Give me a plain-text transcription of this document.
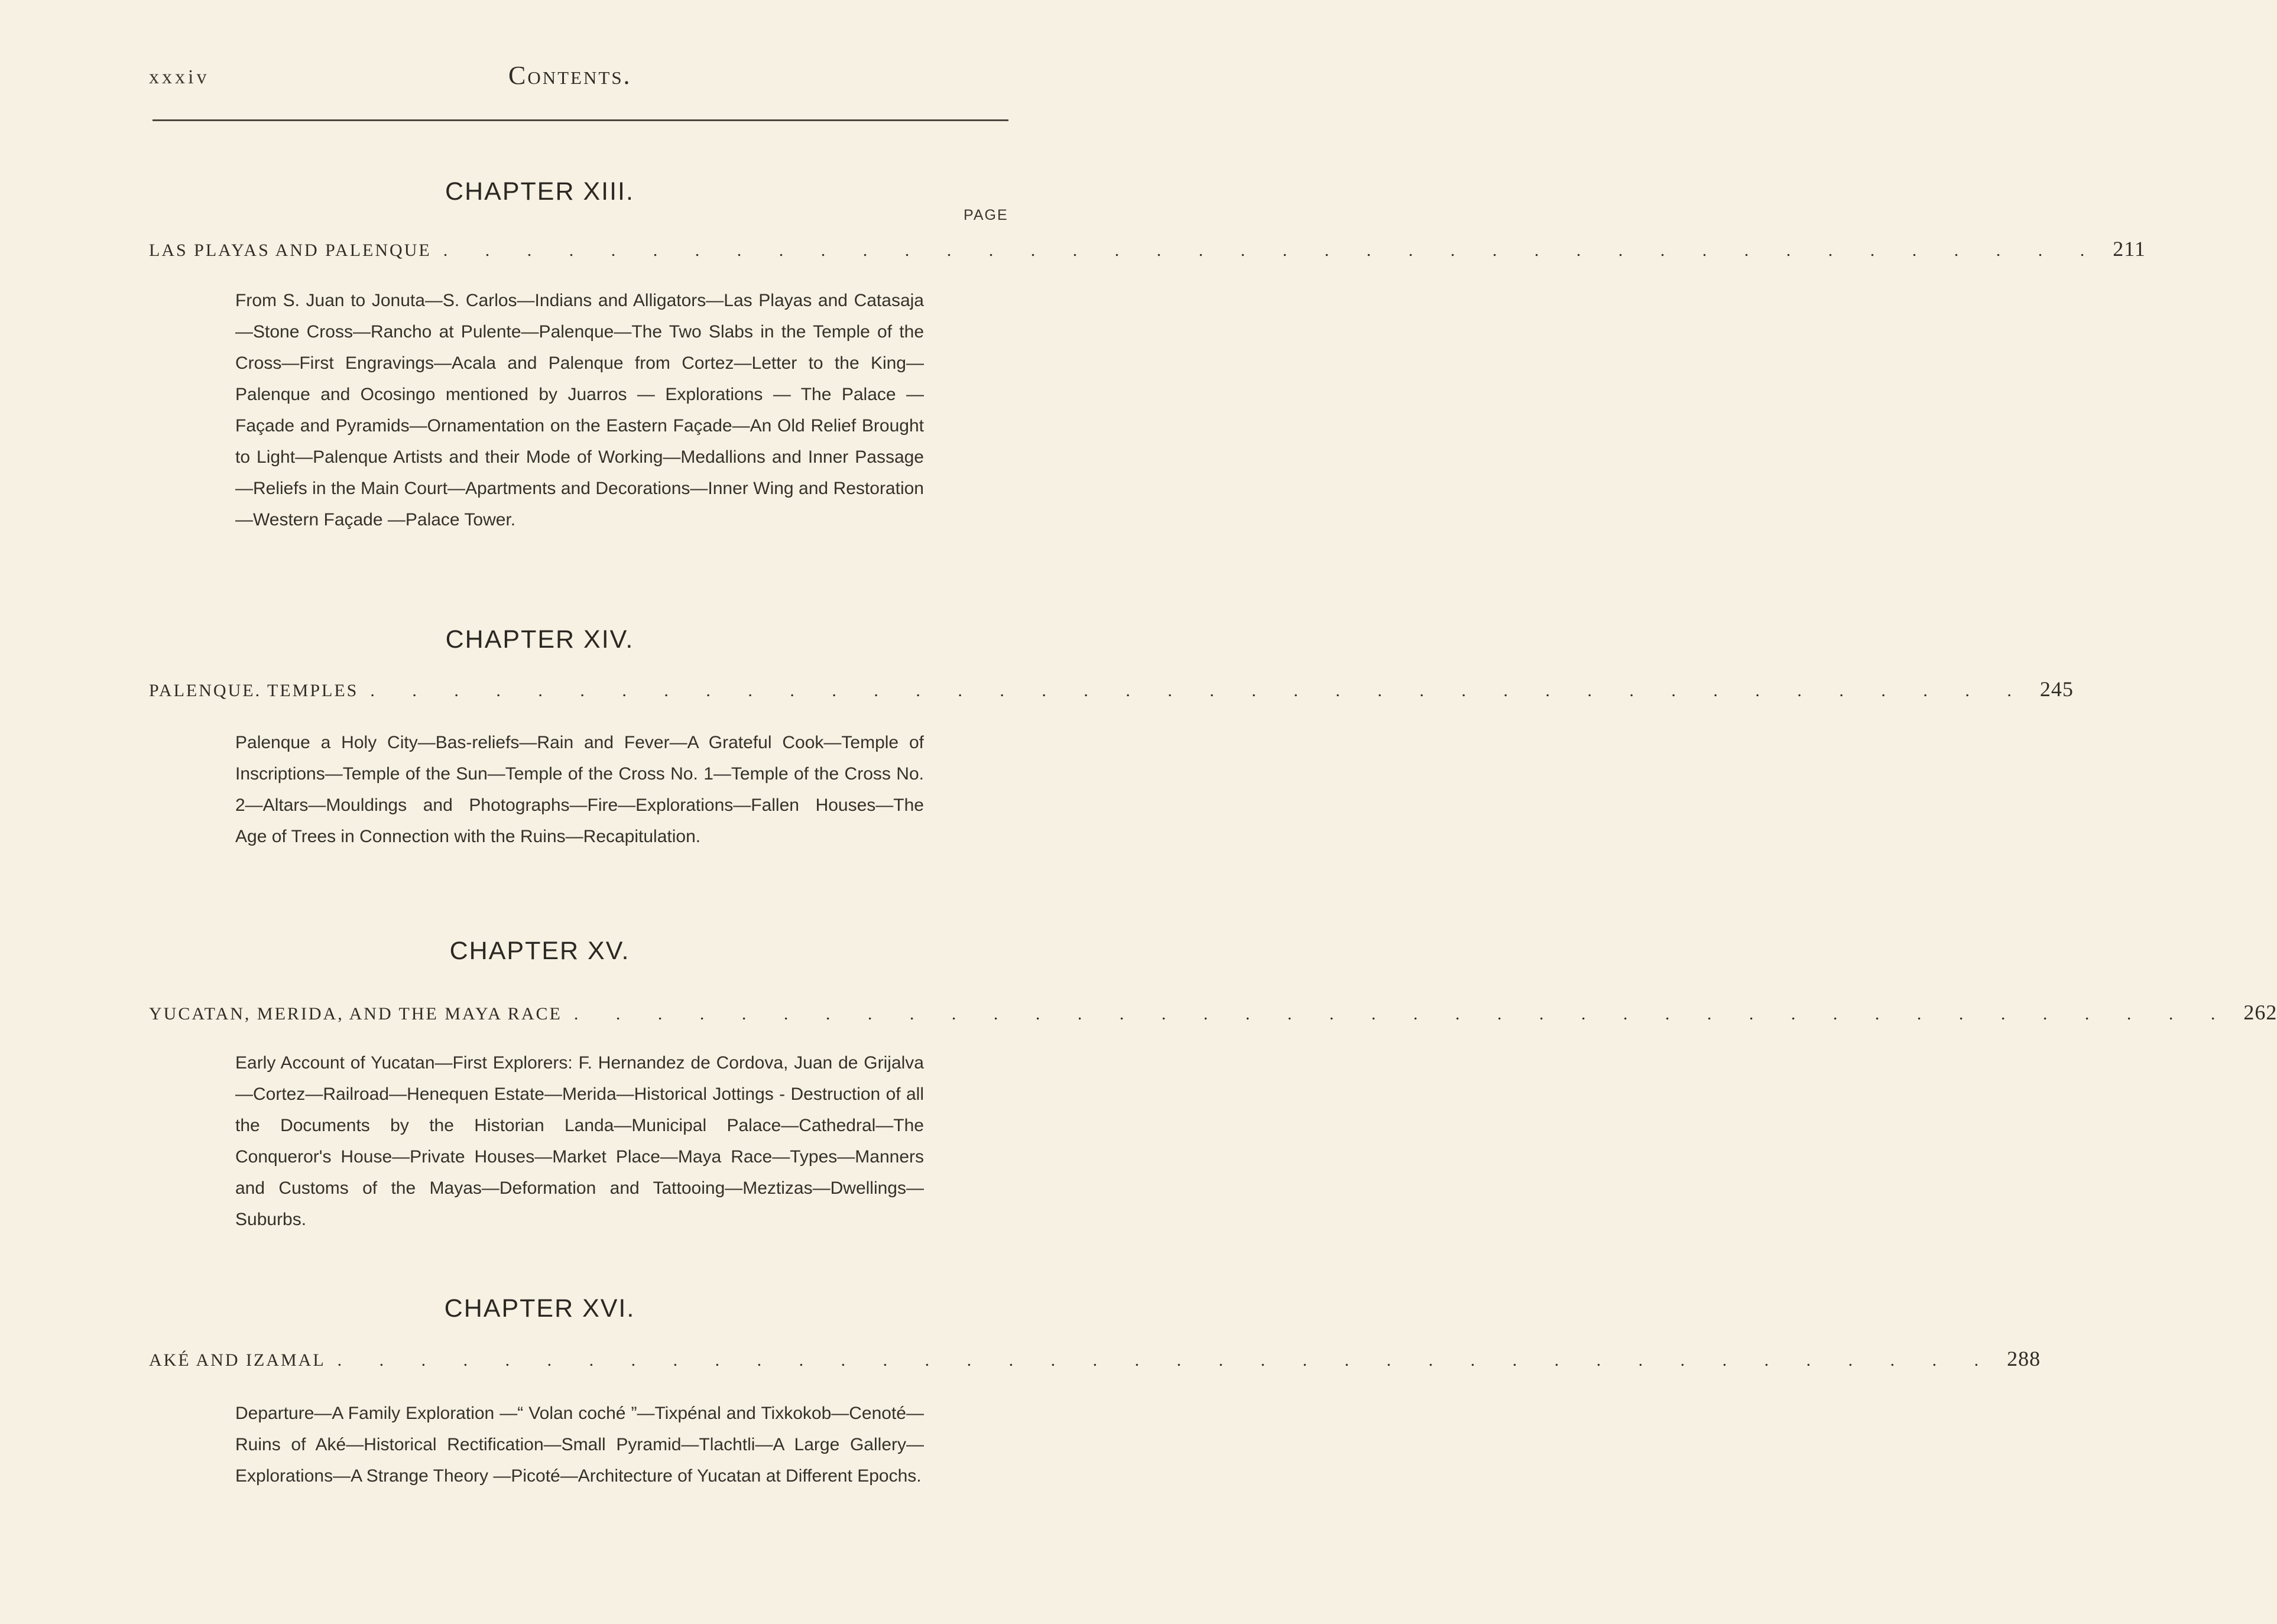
xxxiv	Contents.
CHAPTER XIII.
PAGE
LAS PLAYAS AND PALENQUE . . . . . . . . . . . . . . . . . . . . . . . . . . . . . . . . . . . . . . . . 211
From S. Juan to Jonuta—S. Carlos—Indians and Alligators—Las Playas and Catasaja—Stone Cross—Rancho at Pulente—Palenque—The Two Slabs in the Temple of the Cross—First Engravings—Acala and Palenque from Cortez—Letter to the King—Palenque and Ocosingo mentioned by Juarros — Explorations — The Palace — Façade and Pyramids—Ornamentation on the Eastern Façade—An Old Relief Brought to Light—Palenque Artists and their Mode of Working—Medallions and Inner Passage—Reliefs in the Main Court—Apartments and Decorations—Inner Wing and Restoration—Western Façade —Palace Tower.
CHAPTER XIV.
PALENQUE. TEMPLES . . . . . . . . . . . . . . . . . . . . . . . . . . . . . . . . . . . . . . . . 245
Palenque a Holy City—Bas-reliefs—Rain and Fever—A Grateful Cook—Temple of Inscriptions—Temple of the Sun—Temple of the Cross No. 1—Temple of the Cross No. 2—Altars—Mouldings and Photographs—Fire—Explorations—Fallen Houses—The Age of Trees in Connection with the Ruins—Recapitulation.
CHAPTER XV.
YUCATAN, MERIDA, AND THE MAYA RACE . . . . . . . . . . . . . . . . . . . . . . . . . . . . . . . . . . . . . . . . 262
Early Account of Yucatan—First Explorers: F. Hernandez de Cordova, Juan de Grijalva—Cortez—Railroad—Henequen Estate—Merida—Historical Jottings - Destruction of all the Documents by the Historian Landa—Municipal Palace—Cathedral—The Conqueror's House—Private Houses—Market Place—Maya Race—Types—Manners and Customs of the Mayas—Deformation and Tattooing—Meztizas—Dwellings—Suburbs.
CHAPTER XVI.
AKÉ AND IZAMAL . . . . . . . . . . . . . . . . . . . . . . . . . . . . . . . . . . . . . . . . 288
Departure—A Family Exploration —“ Volan coché ”—Tixpénal and Tixkokob—Cenoté—Ruins of Aké—Historical Rectification—Small Pyramid—Tlachtli—A Large Gallery—Explorations—A Strange Theory —Picoté—Architecture of Yucatan at Different Epochs.
